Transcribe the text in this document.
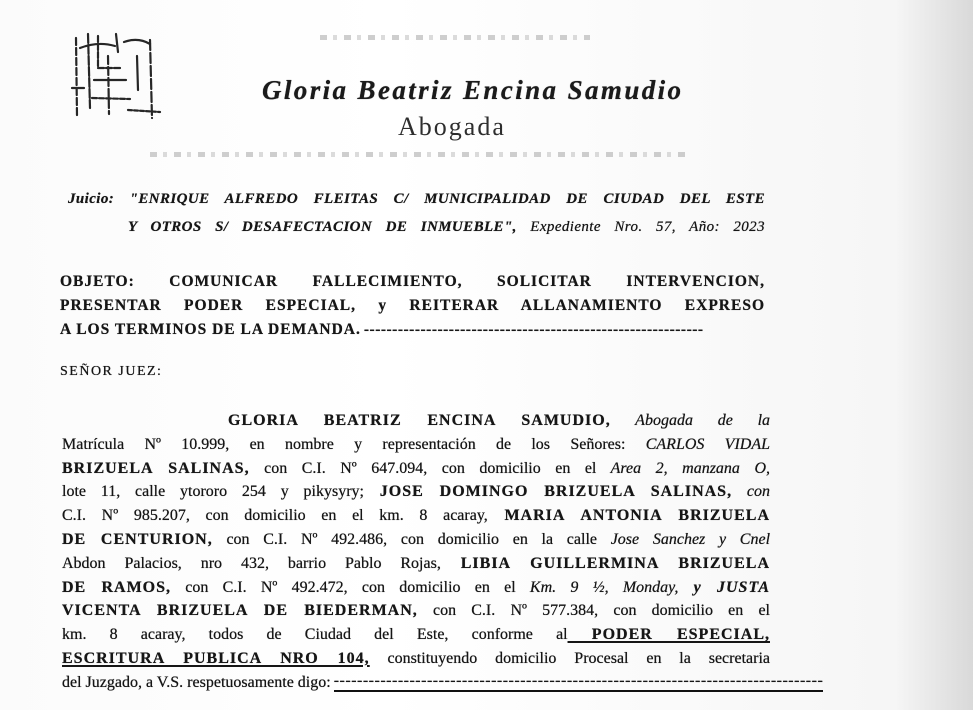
Gloria Beatriz Encina Samudio
Abogada
Juicio: "ENRIQUE ALFREDO FLEITAS C/ MUNICIPALIDAD DE CIUDAD DEL ESTE
Y OTROS S/ DESAFECTACION DE INMUEBLE", Expediente Nro. 57, Año: 2023
OBJETO: COMUNICAR FALLECIMIENTO, SOLICITAR INTERVENCION,
PRESENTAR PODER ESPECIAL, y REITERAR ALLANAMIENTO EXPRESO
A LOS TERMINOS DE LA DEMANDA. ------------------------------------------------------------
SEÑOR JUEZ:
GLORIA BEATRIZ ENCINA SAMUDIO, Abogada de la
Matrícula Nº 10.999, en nombre y representación de los Señores: CARLOS VIDAL
BRIZUELA SALINAS, con C.I. Nº 647.094, con domicilio en el Area 2, manzana O,
lote 11, calle ytororo 254 y pikysyry; JOSE DOMINGO BRIZUELA SALINAS, con
C.I. Nº 985.207, con domicilio en el km. 8 acaray, MARIA ANTONIA BRIZUELA
DE CENTURION, con C.I. Nº 492.486, con domicilio en la calle Jose Sanchez y Cnel
Abdon Palacios, nro 432, barrio Pablo Rojas, LIBIA GUILLERMINA BRIZUELA
DE RAMOS, con C.I. Nº 492.472, con domicilio en el Km. 9 ½, Monday, y JUSTA
VICENTA BRIZUELA DE BIEDERMAN, con C.I. Nº 577.384, con domicilio en el
km. 8 acaray, todos de Ciudad del Este, conforme al PODER ESPECIAL,
ESCRITURA PUBLICA NRO 104, constituyendo domicilio Procesal en la secretaria
del Juzgado, a V.S. respetuosamente digo: ------------------------------------------------------------------------------------
